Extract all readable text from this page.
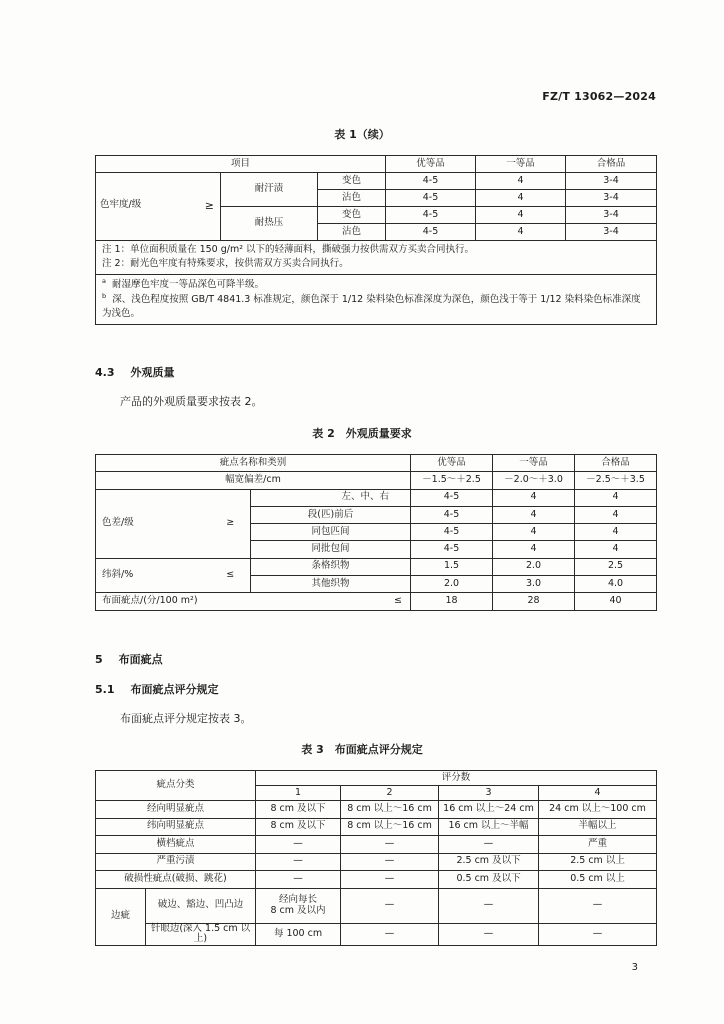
FZ/T 13062—2024
表 1（续）
项目			优等品	一等品	合格品
色牢度/级 ≥	耐汗渍	变色	4-5	4	3-4
		沾色	4-5	4	3-4
	耐热压	变色	4-5	4	3-4
		沾色	4-5	4	3-4

注 1：单位面积质量在 150 g/m² 以下的轻薄面料，撕破强力按供需双方买卖合同执行。
注 2：耐光色牢度有特殊要求，按供需双方买卖合同执行。					

$^a$ 耐湿摩色牢度一等品深色可降半级。
$^b$ 深、浅色程度按照 GB/T 4841.3 标准规定，颜色深于 1/12 染料染色标准深度为深色，颜色浅于等于 1/12 染料染色标准深度为浅色。					
4.3 外观质量
产品的外观质量要求按表 2。
表 2　外观质量要求
疵点名称和类别				优等品	一等品	合格品
幅宽偏差/cm				－1.5～＋2.5	－2.0～＋3.0	－2.5～＋3.5
色差/级	≥		左、中、右	4-5	4	4
		段(匹)前后		4-5	4	4
		同包匹间		4-5	4	4
		同批包间		4-5	4	4
纬斜/%	≤	条格织物		1.5	2.0	2.5
		其他织物		2.0	3.0	4.0
布面疵点/(分/100 m²)			≤	18	28	40
5 布面疵点
5.1 布面疵点评分规定
布面疵点评分规定按表 3。
表 3　布面疵点评分规定
疵点分类		评分数			
		1	2	3	4
经向明显疵点		8 cm 及以下	8 cm 以上～16 cm	16 cm 以上～24 cm	24 cm 以上～100 cm
纬向明显疵点		8 cm 及以下	8 cm 以上～16 cm	16 cm 以上～半幅	半幅以上
横档疵点		—	—	—	严重
严重污渍		—	—	2.5 cm 及以下	2.5 cm 以上
破损性疵点(破损、跳花)		—	—	0.5 cm 及以下	0.5 cm 以上
边疵	破边、豁边、凹凸边	经向每长
8 cm 及以内	—	—	—
	针眼边(深入 1.5 cm 以上)	每 100 cm	—	—	—
3
